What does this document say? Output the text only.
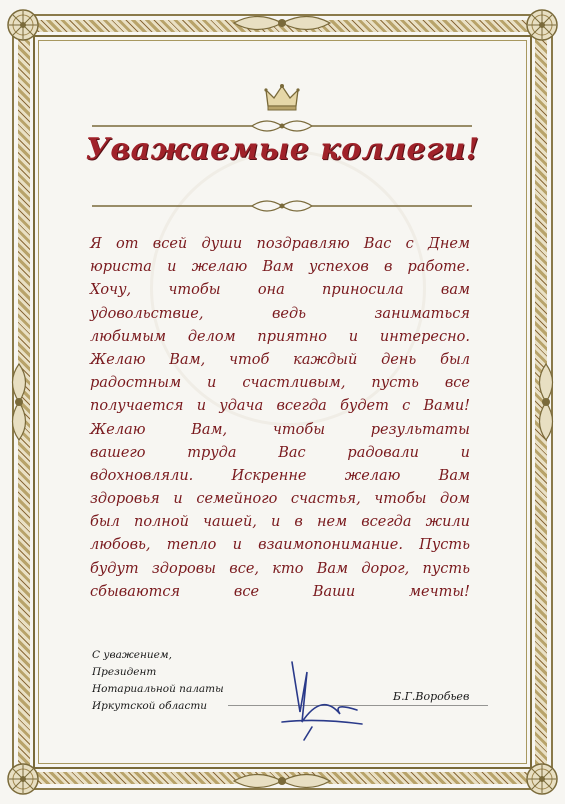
Уважаемые коллеги!
Я от всей души поздравляю Вас с Днем
юриста и желаю Вам успехов в работе.
Хочу, чтобы она приносила вам
удовольствие, ведь заниматься
любимым делом приятно и интересно.
Желаю Вам, чтоб каждый день был
радостным и счастливым, пусть все
получается и удача всегда будет с Вами!
Желаю Вам, чтобы результаты
вашего труда Вас радовали и
вдохновляли. Искренне желаю Вам
здоровья и семейного счастья, чтобы дом
был полной чашей, и в нем всегда жили
любовь, тепло и взаимопонимание. Пусть
будут здоровы все, кто Вам дорог, пусть
сбываются все Ваши мечты!
С уважением,
Президент
Нотариальной палаты
Иркутской области
Б.Г.Воробьев
